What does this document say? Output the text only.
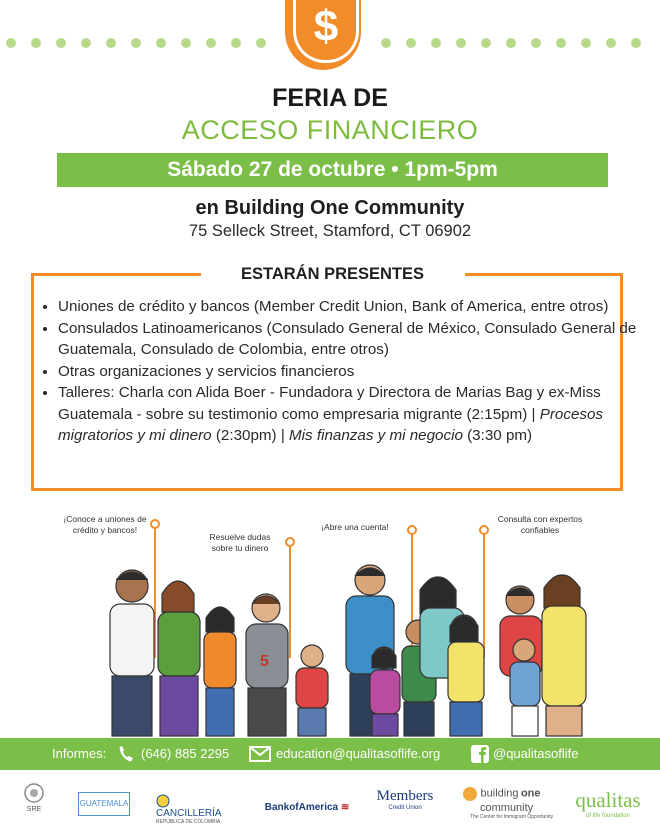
$
FERIA DE
ACCESO FINANCIERO
Sábado 27 de octubre • 1pm-5pm
en Building One Community
75 Selleck Street, Stamford, CT 06902
ESTARÁN PRESENTES
• Uniones de crédito y bancos (Member Credit Union, Bank of America, entre otros)
• Consulados Latinoamericanos (Consulado General de México, Consulado General de Guatemala, Consulado de Colombia, entre otros)
• Otras organizaciones y servicios financieros
• Talleres: Charla con Alida Boer - Fundadora y Directora de Marias Bag y ex-Miss Guatemala - sobre su testimonio como empresaria migrante (2:15pm) | Procesos migratorios y mi dinero (2:30pm) | Mis finanzas y mi negocio (3:30 pm)
¡Conoce a uniones de crédito y bancos!
Resuelve dudas sobre tu dinero
¡Abre una cuenta!
Consulta con expertos confiables
5
Informes:	(646) 885 2295	education@qualitasoflife.org	@qualitasoflife
SRE
GUATEMALA
CANCILLERÍA
REPÚBLICA DE COLOMBIA
BankofAmerica ≋
Members
Credit Union
building one
community
The Center for Immigrant Opportunity
qualitas
of life foundation
